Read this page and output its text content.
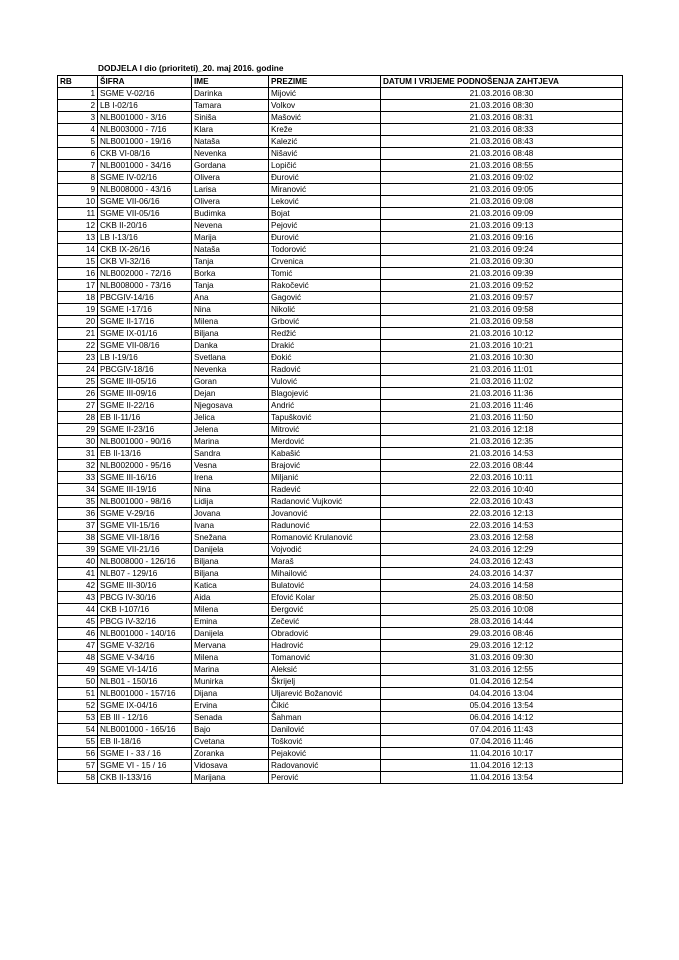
DODJELA I dio (prioriteti)_20. maj 2016. godine
RB	ŠIFRA	IME	PREZIME	DATUM I VRIJEME PODNOŠENJA ZAHTJEVA
1	SGME V-02/16	Darinka	Mijović	21.03.2016 08:30
2	LB I-02/16	Tamara	Volkov	21.03.2016 08:30
3	NLB001000 - 3/16	Siniša	Mašović	21.03.2016 08:31
4	NLB003000 - 7/16	Klara	Kreže	21.03.2016 08:33
5	NLB001000 - 19/16	Nataša	Kalezić	21.03.2016 08:43
6	CKB VI-08/16	Nevenka	Nišavić	21.03.2016 08:48
7	NLB001000 - 34/16	Gordana	Lopičić	21.03.2016 08:55
8	SGME IV-02/16	Olivera	Đurović	21.03.2016 09:02
9	NLB008000 - 43/16	Larisa	Miranović	21.03.2016 09:05
10	SGME VII-06/16	Olivera	Leković	21.03.2016 09:08
11	SGME VII-05/16	Budimka	Bojat	21.03.2016 09:09
12	CKB II-20/16	Nevena	Pejović	21.03.2016 09:13
13	LB I-13/16	Marija	Đurović	21.03.2016 09:16
14	CKB IX-26/16	Nataša	Todorović	21.03.2016 09:24
15	CKB VI-32/16	Tanja	Crvenica	21.03.2016 09:30
16	NLB002000 - 72/16	Borka	Tomić	21.03.2016 09:39
17	NLB008000 - 73/16	Tanja	Rakočević	21.03.2016 09:52
18	PBCGIV-14/16	Ana	Gagović	21.03.2016 09:57
19	SGME I-17/16	Nina	Nikolić	21.03.2016 09:58
20	SGME II-17/16	Milena	Grbović	21.03.2016 09:58
21	SGME IX-01/16	Biljana	Redžić	21.03.2016 10:12
22	SGME VII-08/16	Danka	Drakić	21.03.2016 10:21
23	LB I-19/16	Svetlana	Đokić	21.03.2016 10:30
24	PBCGIV-18/16	Nevenka	Radović	21.03.2016 11:01
25	SGME III-05/16	Goran	Vulović	21.03.2016 11:02
26	SGME III-09/16	Dejan	Blagojević	21.03.2016 11:36
27	SGME II-22/16	Njegosava	Andrić	21.03.2016 11:46
28	EB II-11/16	Jelica	Tapušković	21.03.2016 11:50
29	SGME II-23/16	Jelena	Mitrović	21.03.2016 12:18
30	NLB001000 - 90/16	Marina	Merdović	21.03.2016 12:35
31	EB II-13/16	Sandra	Kabašić	21.03.2016 14:53
32	NLB002000 - 95/16	Vesna	Brajović	22.03.2016 08:44
33	SGME III-16/16	Irena	Miljanić	22.03.2016 10:11
34	SGME III-19/16	Nina	Radević	22.03.2016 10:40
35	NLB001000 - 98/16	Lidija	Radanović Vujković	22.03.2016 10:43
36	SGME V-29/16	Jovana	Jovanović	22.03.2016 12:13
37	SGME VII-15/16	Ivana	Radunović	22.03.2016 14:53
38	SGME VII-18/16	Snežana	Romanović Krulanović	23.03.2016 12:58
39	SGME VII-21/16	Danijela	Vojvodić	24.03.2016 12:29
40	NLB008000 - 126/16	Biljana	Maraš	24.03.2016 12:43
41	NLB07 - 129/16	Biljana	Mihailović	24.03.2016 14:37
42	SGME III-30/16	Katica	Bulatović	24.03.2016 14:58
43	PBCG IV-30/16	Aida	Efović Kolar	25.03.2016 08:50
44	CKB I-107/16	Milena	Đergović	25.03.2016 10:08
45	PBCG IV-32/16	Emina	Zečević	28.03.2016 14:44
46	NLB001000 - 140/16	Danijela	Obradović	29.03.2016 08:46
47	SGME V-32/16	Mervana	Hadrović	29.03.2016 12:12
48	SGME V-34/16	Milena	Tomanović	31.03.2016 09:30
49	SGME VI-14/16	Marina	Aleksić	31.03.2016 12:55
50	NLB01 - 150/16	Munirka	Škrijelj	01.04.2016 12:54
51	NLB001000 - 157/16	Dijana	Uljarević Božanović	04.04.2016 13:04
52	SGME IX-04/16	Ervina	Čikić	05.04.2016 13:54
53	EB III - 12/16	Senada	Šahman	06.04.2016 14:12
54	NLB001000 - 165/16	Bajo	Danilović	07.04.2016 11:43
55	EB II-18/16	Cvetana	Tošković	07.04.2016 11:46
56	SGME I - 33 / 16	Zoranka	Pejaković	11.04.2016 10:17
57	SGME VI - 15 / 16	Vidosava	Radovanović	11.04.2016 12:13
58	CKB II-133/16	Marijana	Perović	11.04.2016 13:54
